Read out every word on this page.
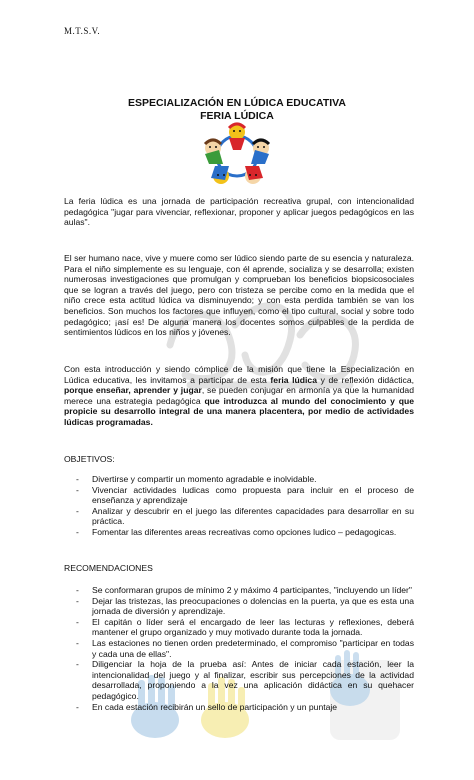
M.T.S.V.
ESPECIALIZACIÓN EN LÚDICA EDUCATIVA
FERIA LÚDICA
La feria lúdica es una jornada de participación recreativa grupal, con intencionalidad pedagógica "jugar para vivenciar, reflexionar, proponer y aplicar juegos pedagógicos en las aulas".
El ser humano nace, vive y muere como ser lúdico siendo parte de su esencia y naturaleza. Para el niño simplemente es su lenguaje, con él aprende, socializa y se desarrolla; existen numerosas investigaciones que promulgan y comprueban los beneficios biopsicosociales que se logran a través del juego, pero con tristeza se percibe como en la medida que el niño crece esta actitud lúdica va disminuyendo; y con esta perdida también se van los beneficios. Son muchos los factores que influyen, como el tipo cultural, social y sobre todo pedagógico; ¡así es! De alguna manera los docentes somos culpables de la perdida de sentimientos lúdicos en los niños y jóvenes.
Con esta introducción y siendo cómplice de la misión que tiene la Especialización en Lúdica educativa, les invitamos a participar de esta feria lúdica y de reflexión didáctica, porque enseñar, aprender y jugar, se pueden conjugar en armonía ya que la humanidad merece una estrategia pedagógica que introduzca al mundo del conocimiento y que propicie su desarrollo integral de una manera placentera, por medio de actividades lúdicas programadas.
OBJETIVOS:
- Divertirse y compartir un momento agradable e inolvidable.
- Vivenciar actividades ludicas como propuesta para incluir en el proceso de enseñanza y aprendizaje
- Analizar y descubrir en el juego las diferentes capacidades para desarrollar en su práctica.
- Fomentar las diferentes areas recreativas como opciones ludico – pedagogicas.
RECOMENDACIONES
- Se conformaran grupos de mínimo 2 y máximo 4 participantes, "incluyendo un líder"
- Dejar las tristezas, las preocupaciones o dolencias en la puerta, ya que es esta una jornada de diversión y aprendizaje.
- El capitán o líder será el encargado de leer las lecturas y reflexiones, deberá mantener el grupo organizado y muy motivado durante toda la jornada.
- Las estaciones no tienen orden predeterminado, el compromiso "participar en todas y cada una de ellas".
- Diligenciar la hoja de la prueba así: Antes de iniciar cada estación, leer la intencionalidad del juego y al finalizar, escribir sus percepciones de la actividad desarrollada, proponiendo a la vez una aplicación didáctica en su quehacer pedagógico.
- En cada estación recibirán un sello de participación y un puntaje
